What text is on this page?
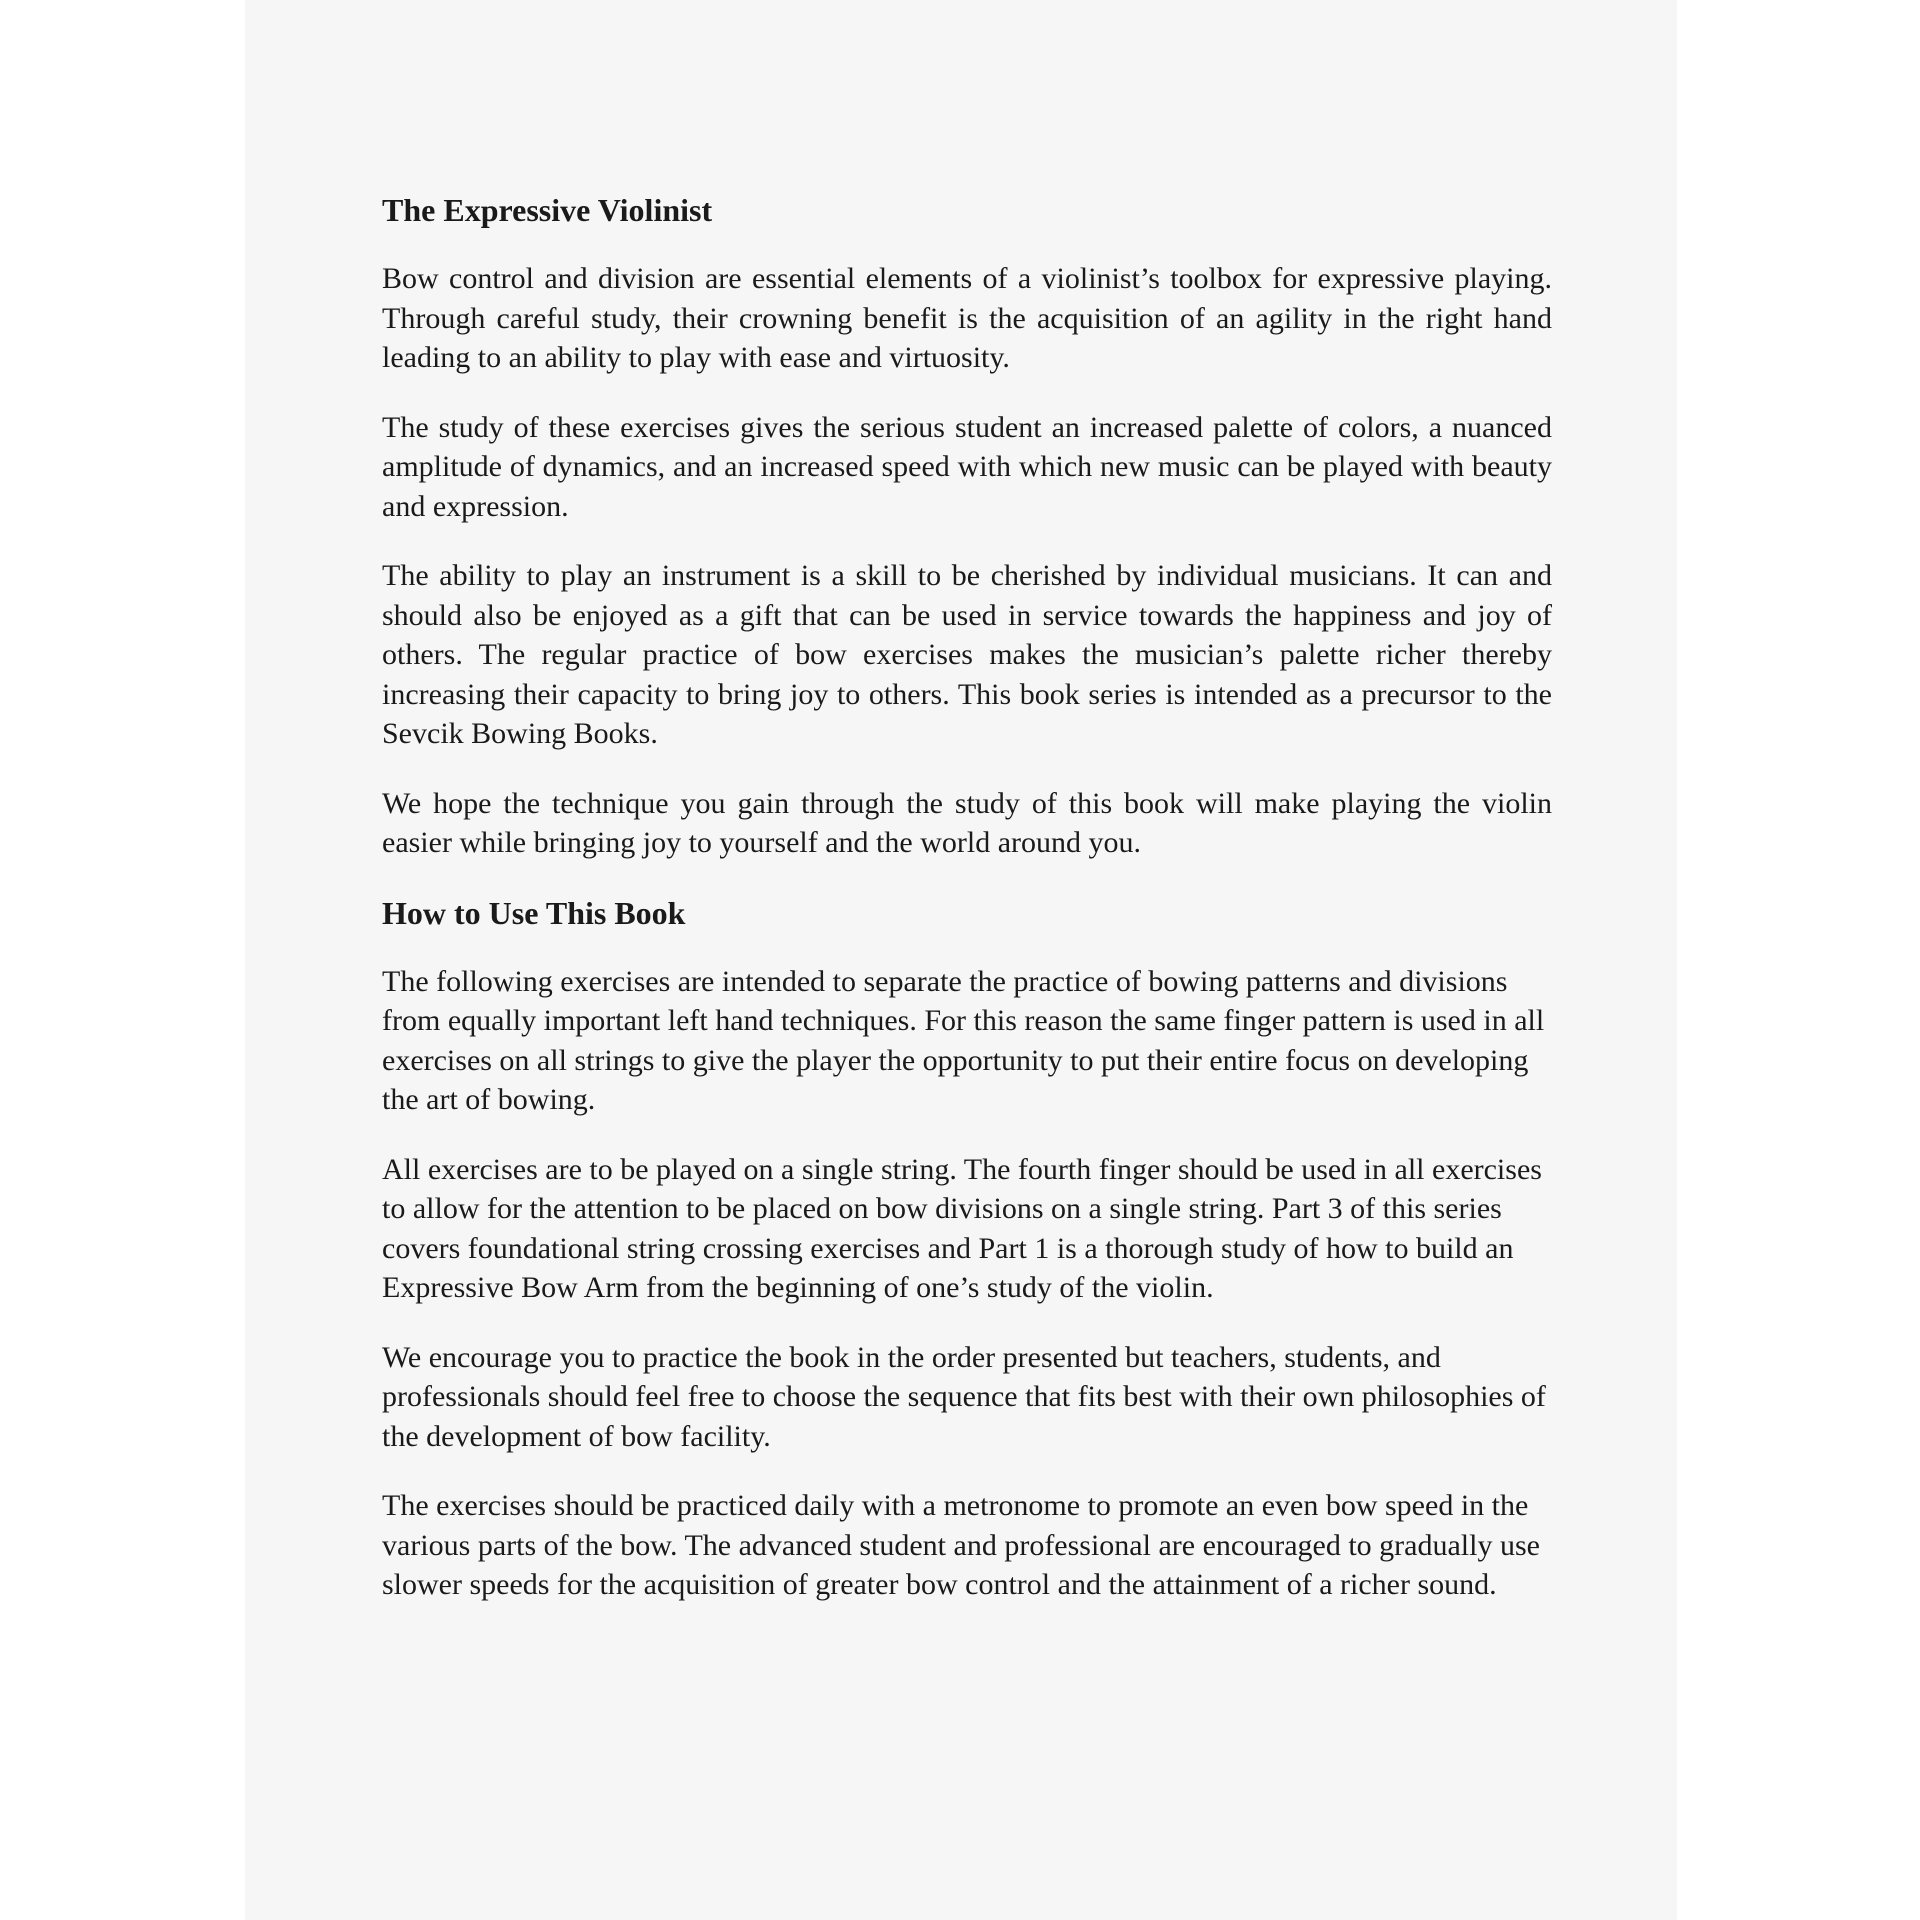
The Expressive Violinist

Bow control and division are essential elements of a violinist’s toolbox for expressive playing. Through careful study, their crowning benefit is the acquisition of an agility in the right hand leading to an ability to play with ease and virtuosity.

The study of these exercises gives the serious student an increased palette of colors, a nuanced amplitude of dynamics, and an increased speed with which new music can be played with beauty and expression.

The ability to play an instrument is a skill to be cherished by individual musicians. It can and should also be enjoyed as a gift that can be used in service towards the happiness and joy of others. The regular practice of bow exercises makes the musician’s palette richer thereby increasing their capacity to bring joy to others. This book series is intended as a precursor to the Sevcik Bowing Books.

We hope the technique you gain through the study of this book will make playing the violin easier while bringing joy to yourself and the world around you.

How to Use This Book

The following exercises are intended to separate the practice of bowing patterns and divisions from equally important left hand techniques. For this reason the same finger pattern is used in all exercises on all strings to give the player the opportunity to put their entire focus on developing the art of bowing.

All exercises are to be played on a single string. The fourth finger should be used in all exercises to allow for the attention to be placed on bow divisions on a single string. Part 3 of this series covers foundational string crossing exercises and Part 1 is a thorough study of how to build an Expressive Bow Arm from the beginning of one’s study of the violin.

We encourage you to practice the book in the order presented but teachers, students, and professionals should feel free to choose the sequence that fits best with their own philosophies of the development of bow facility.

The exercises should be practiced daily with a metronome to promote an even bow speed in the various parts of the bow. The advanced student and professional are encouraged to gradually use slower speeds for the acquisition of greater bow control and the attainment of a richer sound.
